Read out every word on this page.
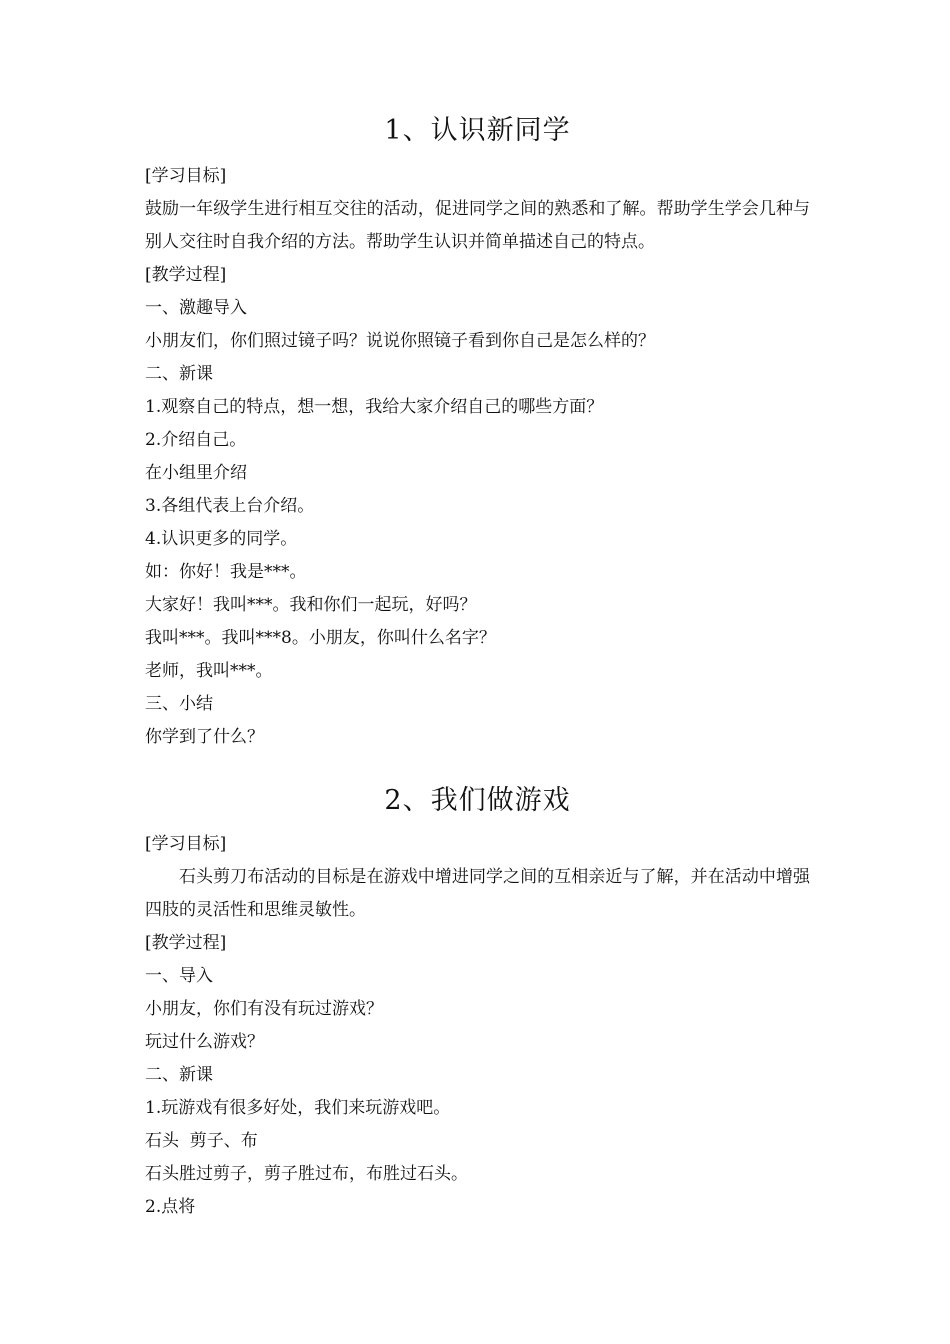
1、认识新同学

[学习目标]

鼓励一年级学生进行相互交往的活动，促进同学之间的熟悉和了解。帮助学生学会几种与别人交往时自我介绍的方法。帮助学生认识并简单描述自己的特点。

[教学过程]

一、激趣导入

小朋友们，你们照过镜子吗？说说你照镜子看到你自己是怎么样的？

二、新课

1.观察自己的特点，想一想，我给大家介绍自己的哪些方面？

2.介绍自己。

在小组里介绍

3.各组代表上台介绍。

4.认识更多的同学。

如：你好！我是***。

大家好！我叫***。我和你们一起玩，好吗？

我叫***。我叫***8。小朋友，你叫什么名字？

老师，我叫***。

三、小结

你学到了什么？

2、我们做游戏

[学习目标]

石头剪刀布活动的目标是在游戏中增进同学之间的互相亲近与了解，并在活动中增强四肢的灵活性和思维灵敏性。

[教学过程]

一、导入

小朋友，你们有没有玩过游戏？

玩过什么游戏？

二、新课

1.玩游戏有很多好处，我们来玩游戏吧。

石头  剪子、布

石头胜过剪子，剪子胜过布，布胜过石头。

2.点将
